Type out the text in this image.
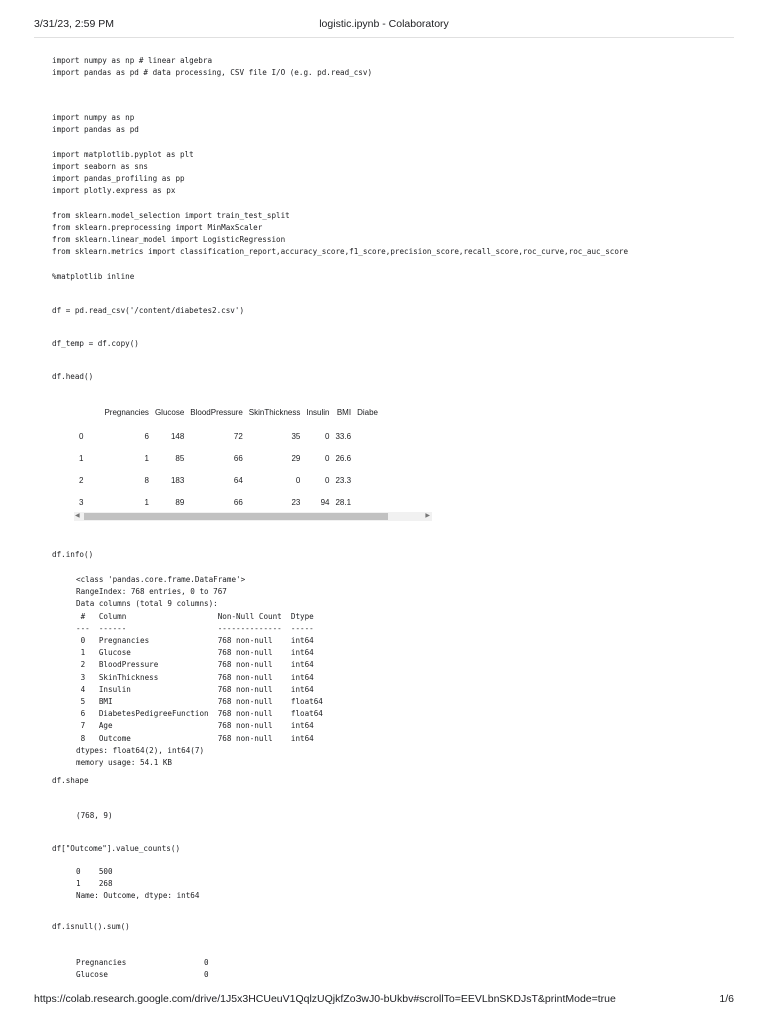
3/31/23, 2:59 PM	logistic.ipynb - Colaboratory
import numpy as np # linear algebra
import pandas as pd # data processing, CSV file I/O (e.g. pd.read_csv)
import numpy as np
import pandas as pd

import matplotlib.pyplot as plt
import seaborn as sns
import pandas_profiling as pp
import plotly.express as px

from sklearn.model_selection import train_test_split
from sklearn.preprocessing import MinMaxScaler
from sklearn.linear_model import LogisticRegression
from sklearn.metrics import classification_report,accuracy_score,f1_score,precision_score,recall_score,roc_curve,roc_auc_score

%matplotlib inline
df = pd.read_csv('/content/diabetes2.csv')
df_temp = df.copy()
df.head()
	Pregnancies	Glucose	BloodPressure	SkinThickness	Insulin	BMI	Diabe
0	6	148	72	35	0	33.6	
1	1	85	66	29	0	26.6	
2	8	183	64	0	0	23.3	
3	1	89	66	23	94	28.1	
◀	▶
df.info()
<class 'pandas.core.frame.DataFrame'>
RangeIndex: 768 entries, 0 to 767
Data columns (total 9 columns):
#   Column                    Non-Null Count  Dtype
---  ------                    --------------  -----
0   Pregnancies               768 non-null    int64
1   Glucose                   768 non-null    int64
2   BloodPressure             768 non-null    int64
3   SkinThickness             768 non-null    int64
4   Insulin                   768 non-null    int64
5   BMI                       768 non-null    float64
6   DiabetesPedigreeFunction  768 non-null    float64
7   Age                       768 non-null    int64
8   Outcome                   768 non-null    int64
dtypes: float64(2), int64(7)
memory usage: 54.1 KB
df.shape
(768, 9)
df["Outcome"].value_counts()
0    500
1    268
Name: Outcome, dtype: int64
df.isnull().sum()
Pregnancies                 0
Glucose                     0
https://colab.research.google.com/drive/1J5x3HCUeuV1QqlzUQjkfZo3wJ0-bUkbv#scrollTo=EEVLbnSKDJsT&printMode=true	1/6
